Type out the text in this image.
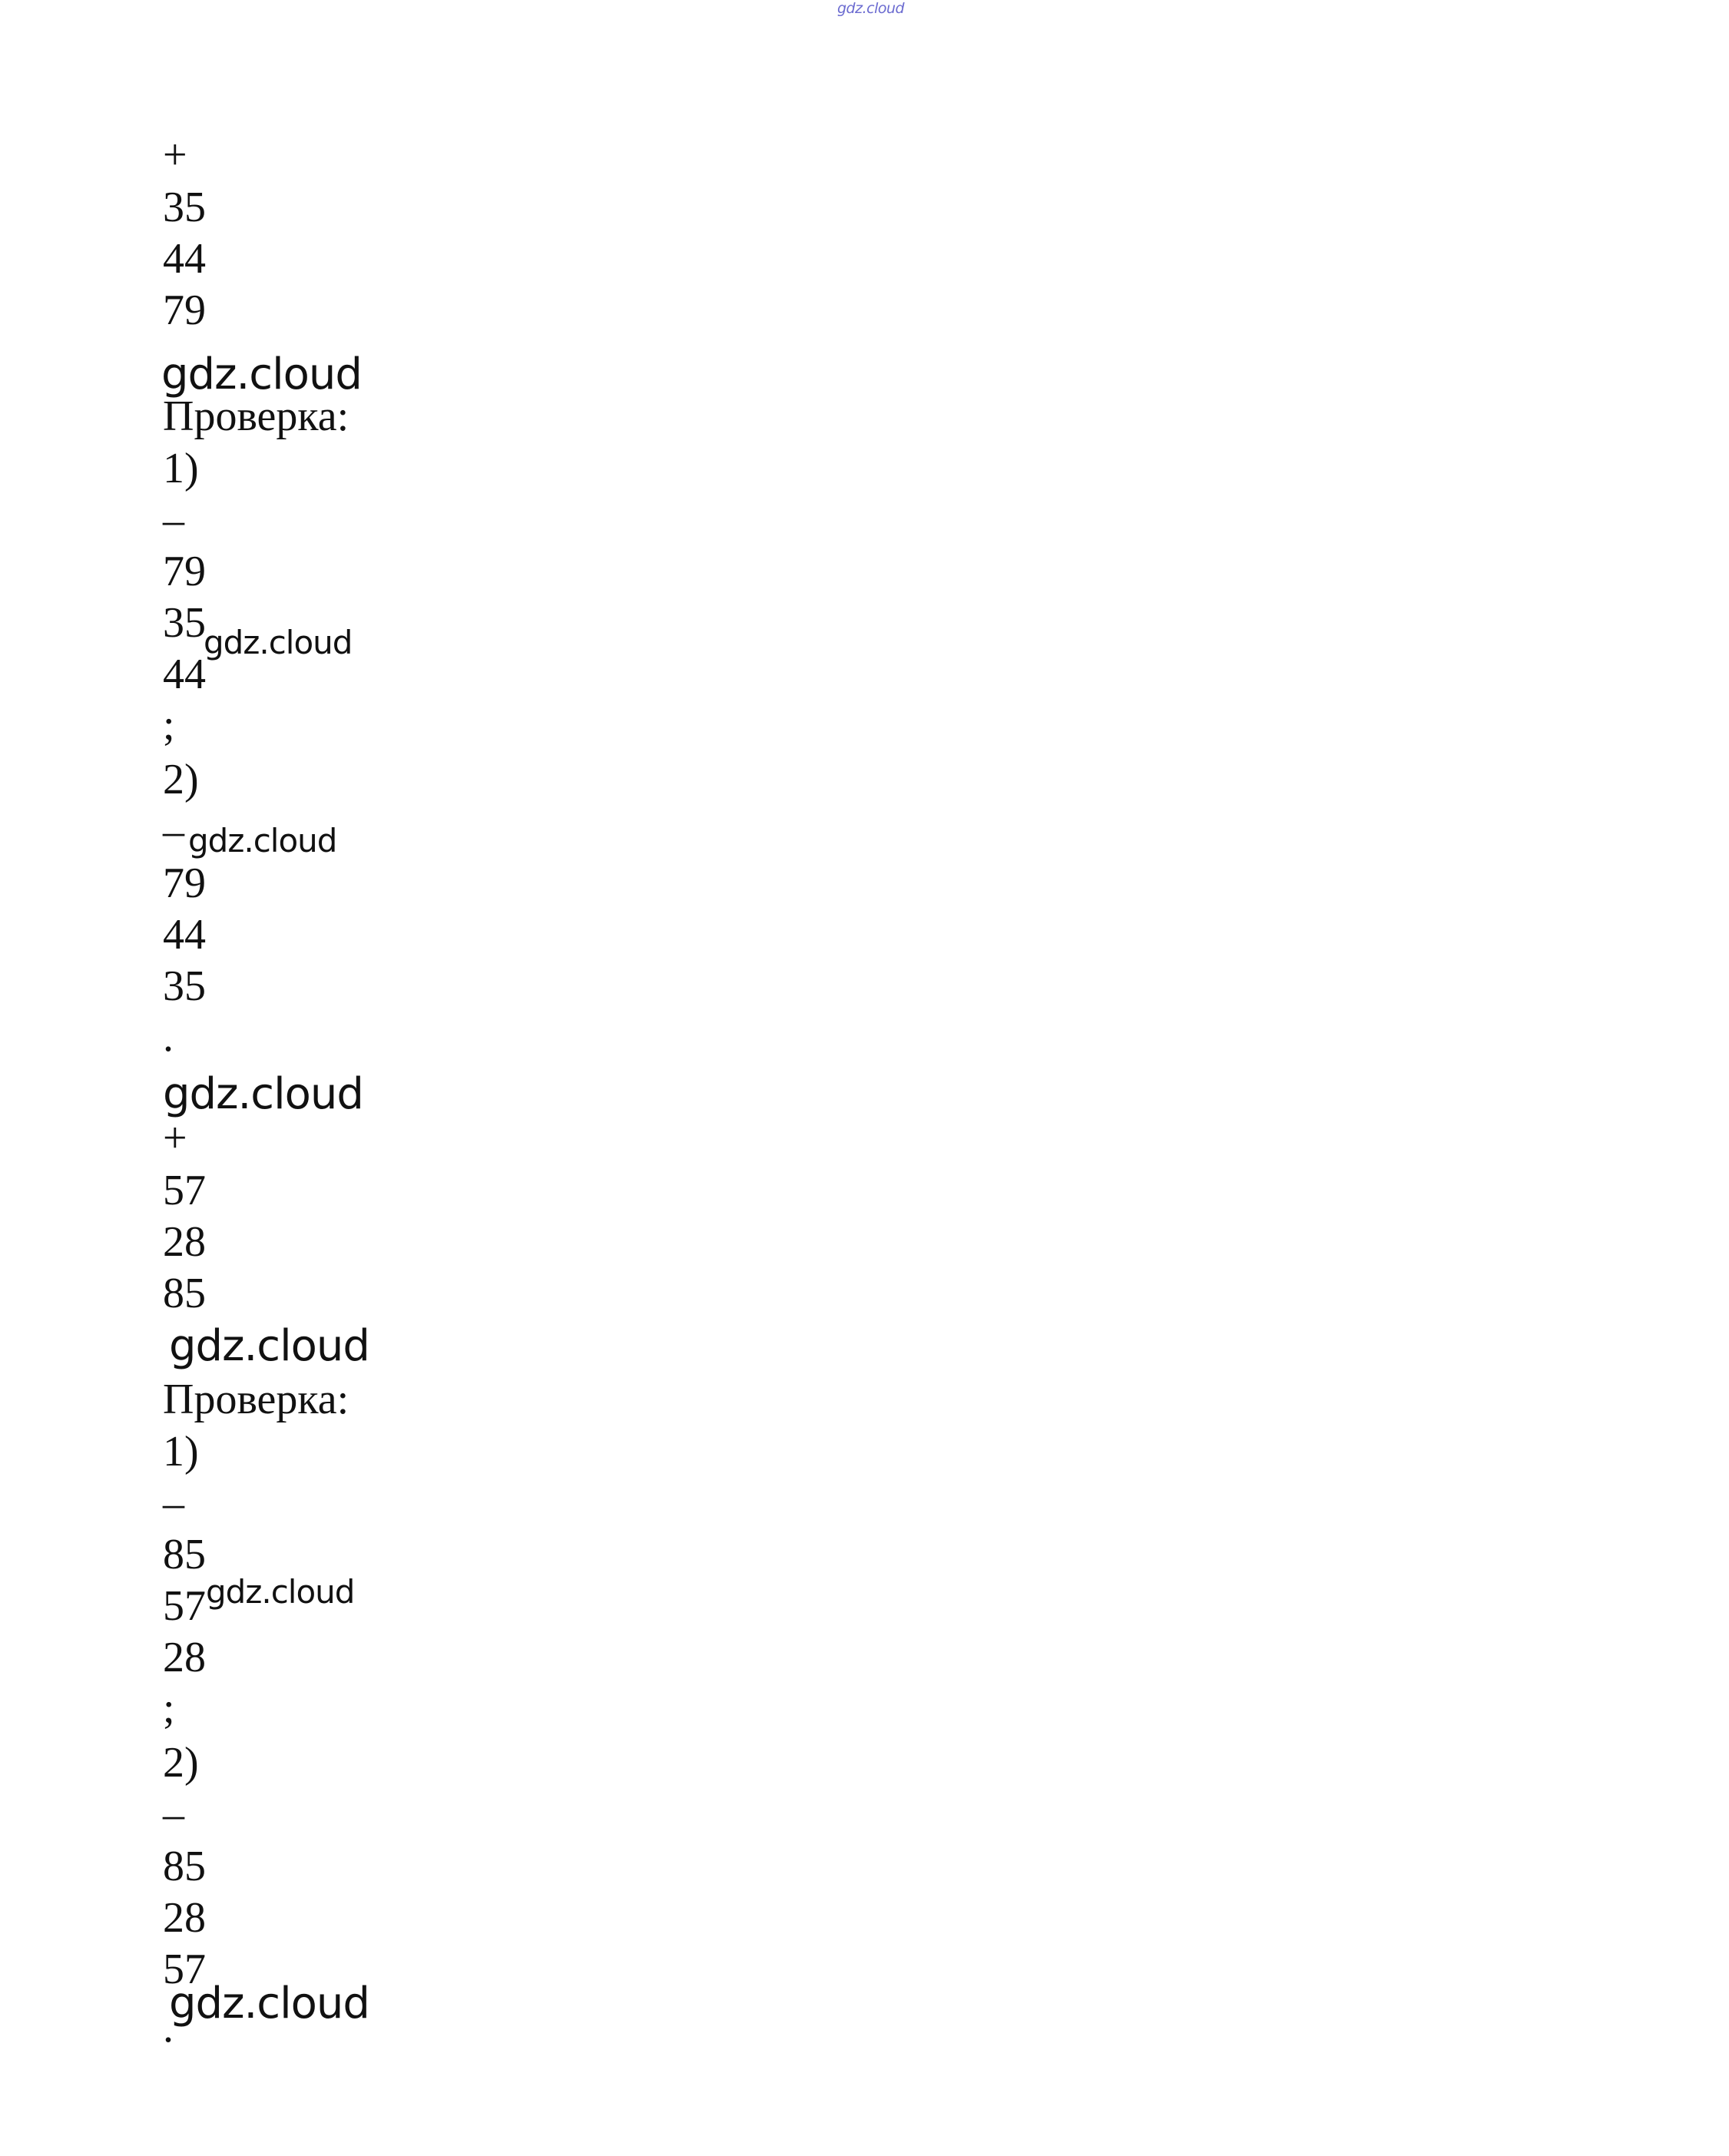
gdz.cloud
+
35
44
79
gdz.cloud
Проверка:
1)
–
79
35
gdz.cloud
44
;
2)
– gdz.cloud
79
44
35
.
gdz.cloud
+
57
28
85
gdz.cloud
Проверка:
1)
–
85
57 gdz.cloud
28
;
2)
–
85
28
57
gdz.cloud
.
